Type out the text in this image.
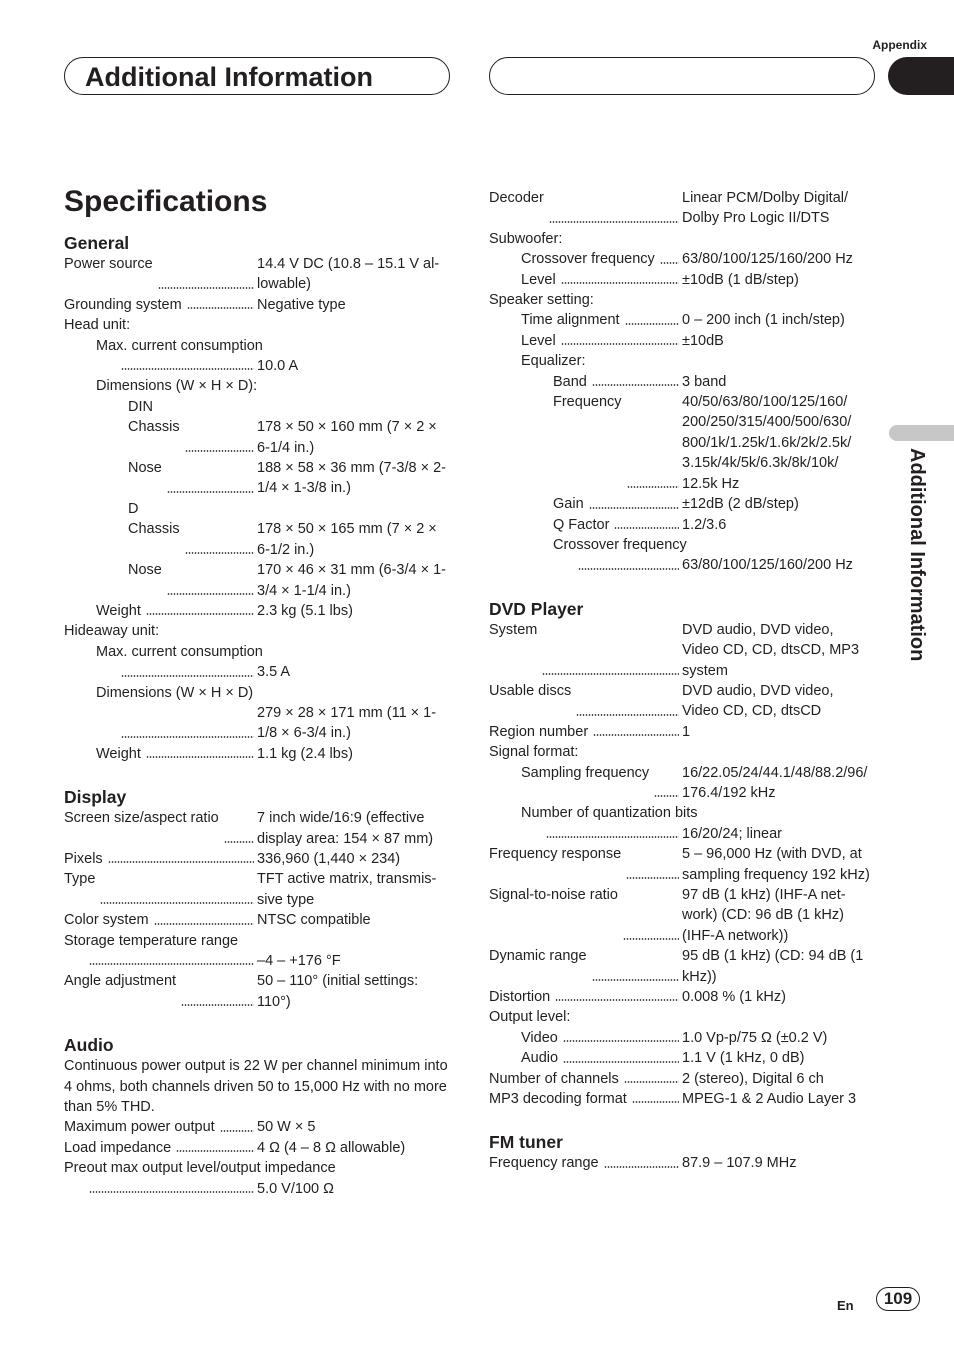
Appendix
Additional Information
Additional Information
Specifications
General
Power source	14.4 V DC (10.8 – 15.1 V al-lowable)
Grounding system	Negative type
Head unit:
Max. current consumption
10.0 A
Dimensions (W × H × D):
DIN
Chassis	178 × 50 × 160 mm (7 × 2 × 6-1/4 in.)
Nose	188 × 58 × 36 mm (7-3/8 × 2-1/4 × 1-3/8 in.)
D
Chassis	178 × 50 × 165 mm (7 × 2 × 6-1/2 in.)
Nose	170 × 46 × 31 mm (6-3/4 × 1-3/4 × 1-1/4 in.)
Weight	2.3 kg (5.1 lbs)
Hideaway unit:
Max. current consumption
3.5 A
Dimensions (W × H × D)
279 × 28 × 171 mm (11 × 1-1/8 × 6-3/4 in.)
Weight	1.1 kg (2.4 lbs)
Display
Screen size/aspect ratio	7 inch wide/16:9 (effective display area: 154 × 87 mm)
Pixels	336,960 (1,440 × 234)
Type	TFT active matrix, transmis-sive type
Color system	NTSC compatible
Storage temperature range
–4 – +176 °F
Angle adjustment	50 – 110° (initial settings: 110°)
Audio
Continuous power output is 22 W per channel minimum into 4 ohms, both channels driven 50 to 15,000 Hz with no more than 5% THD.
Maximum power output	50 W × 5
Load impedance	4 Ω (4 – 8 Ω allowable)
Preout max output level/output impedance
5.0 V/100 Ω
Decoder	Linear PCM/Dolby Digital/ Dolby Pro Logic II/DTS
Subwoofer:
Crossover frequency 63/80/100/125/160/200 Hz
Level	±10dB (1 dB/step)
Speaker setting:
Time alignment	0 – 200 inch (1 inch/step)
Level	±10dB
Equalizer:
Band	3 band
Frequency	40/50/63/80/100/125/160/ 200/250/315/400/500/630/ 800/1k/1.25k/1.6k/2k/2.5k/ 3.15k/4k/5k/6.3k/8k/10k/ 12.5k Hz
Gain	±12dB (2 dB/step)
Q Factor	1.2/3.6
Crossover frequency
63/80/100/125/160/200 Hz
DVD Player
System	DVD audio, DVD video, Video CD, CD, dtsCD, MP3 system
Usable discs	DVD audio, DVD video, Video CD, CD, dtsCD
Region number	1
Signal format:
Sampling frequency 16/22.05/24/44.1/48/88.2/96/ 176.4/192 kHz
Number of quantization bits
16/20/24; linear
Frequency response	5 – 96,000 Hz (with DVD, at sampling frequency 192 kHz)
Signal-to-noise ratio	97 dB (1 kHz) (IHF-A net-work) (CD: 96 dB (1 kHz) (IHF-A network))
Dynamic range	95 dB (1 kHz) (CD: 94 dB (1 kHz))
Distortion	0.008 % (1 kHz)
Output level:
Video	1.0 Vp-p/75 Ω (±0.2 V)
Audio	1.1 V (1 kHz, 0 dB)
Number of channels	2 (stereo), Digital 6 ch
MP3 decoding format	MPEG-1 & 2 Audio Layer 3
FM tuner
Frequency range	87.9 – 107.9 MHz
En	109
